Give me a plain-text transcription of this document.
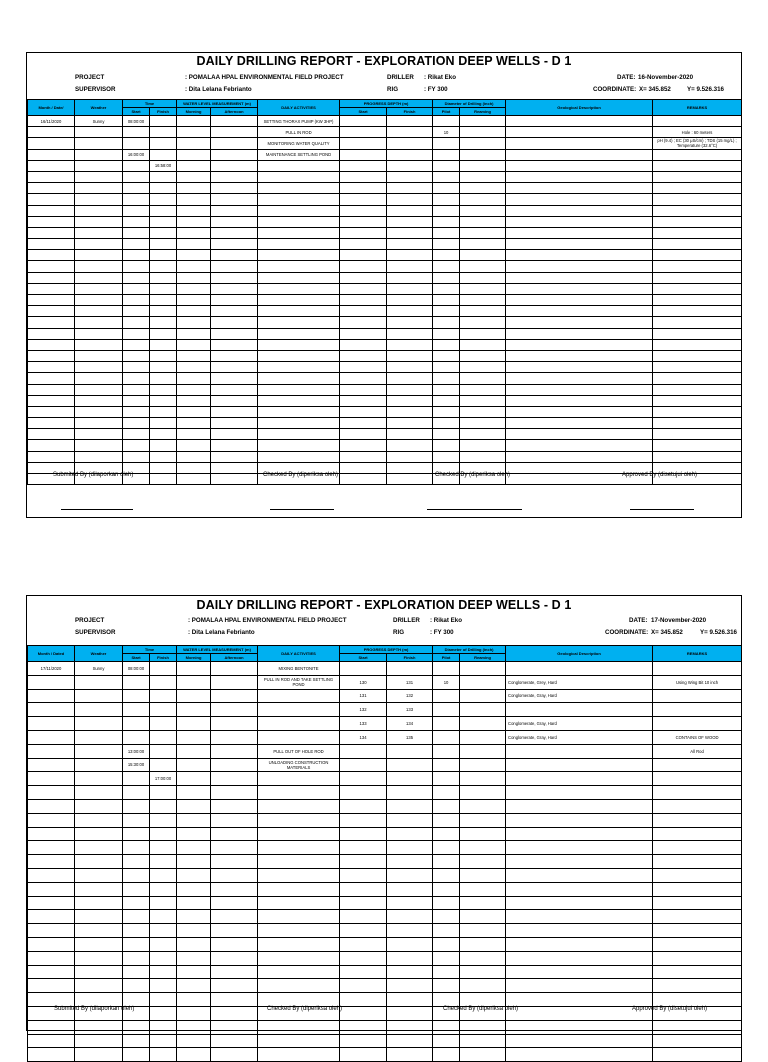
DAILY DRILLING REPORT - EXPLORATION DEEP WELLS - D 1
PROJECT	: POMALAA HPAL ENVIRONMENTAL FIELD PROJECT
SUPERVISOR	: Dita Lelana Febrianto
DRILLER : Rikat Eko
RIG	: FY 300
DATE: 16-November-2020
COORDINATE: X= 345.852	Y= 9.526.316
Month / Date/	Weather	Time		WATER LEVEL MEASUREMENT (m)		DAILY ACTIVITIES	PROGRESS DEPTH (m)		Diameter of Drilling (inch)		Geological Description	REMARKS
		Start	Finish	Morning	Afternoon		Start	Finish	Pilot	Reaming		
16/11/2020	Sunny	08:00:00				SETTING THORAX PUMP (KW 3HP)						
						PULL IN ROD			10			Hole : 60 meters
						MONITORING WATER QUALITY						pH (9.4) ; EC (30 μS/cm) ; TDS (15 mg/L) ; Temperature (32.6°C)
		16:00:00				MAINTENANCE SETTLING POND						
			16:58:00									

Submited By (dilaporkan oleh)	Checked By (diperiksa oleh)	Checked By (diperiksa oleh)	Approved By (disetujui oleh)
DAILY DRILLING REPORT - EXPLORATION DEEP WELLS - D 1
PROJECT	: POMALAA HPAL ENVIRONMENTAL FIELD PROJECT
SUPERVISOR	: Dita Lelana Febrianto
DRILLER : Rikat Eko
RIG	: FY 300
DATE: 17-November-2020
COORDINATE: X= 345.852	Y= 9.526.316
Month / Dated	Weather	Time		WATER LEVEL MEASUREMENT (m)		DAILY ACTIVITIES	PROGRESS DEPTH (m)		Diameter of Drilling (inch)		Geological Description	REMARKS
		Start	Finish	Morning	Afternoon		Start	Finish	Pilot	Reaming		
17/11/2020	Sunny	08:00:00				MIXING BENTONITE						
						PULL IN ROD AND TAKE SETTLING POND	130	131	10		Conglomerate, Grey, Hard	Using Wing Bit 10 inch
							131	132			Conglomerate, Gray, Hard	
							132	133				
							133	134			Conglomerate, Gray, Hard	
							134	135			Conglomerate, Gray, Hard	CONTAINS OF WOOD
		13:00:00				PULL OUT OF HOLE ROD						All Rod
		15:30:00				UNLOADING CONSTRUCTION MATERIALS						
			17:00:00									

Submited By (dilaporkan oleh)	Checked By (diperiksa oleh)	Checked By (diperiksa oleh)	Approved By (disetujui oleh)
